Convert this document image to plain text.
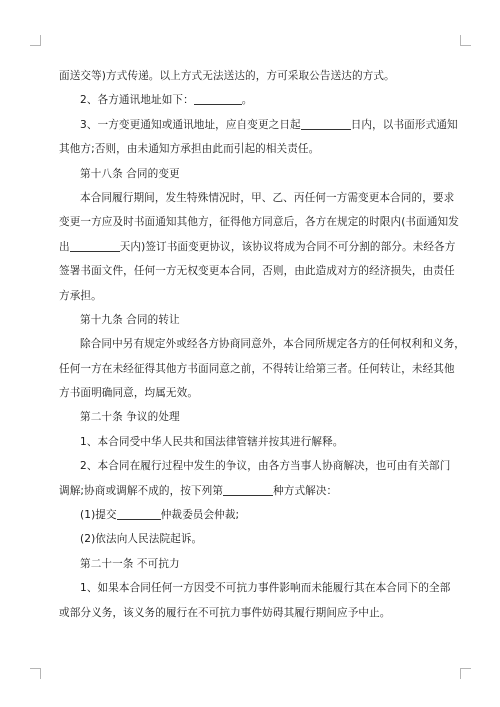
面送交等)方式传递。以上方式无法送达的，方可采取公告送达的方式。
2、各方通讯地址如下：	。
3、一方变更通知或通讯地址，应自变更之日起	日内，以书面形式通知
其他方;否则，由未通知方承担由此而引起的相关责任。
第十八条 合同的变更
本合同履行期间，发生特殊情况时，甲、乙、丙任何一方需变更本合同的，要求
变更一方应及时书面通知其他方，征得他方同意后，各方在规定的时限内(书面通知发
出	天内)签订书面变更协议，该协议将成为合同不可分割的部分。未经各方
签署书面文件，任何一方无权变更本合同，否则，由此造成对方的经济损失，由责任
方承担。
第十九条 合同的转让
除合同中另有规定外或经各方协商同意外，本合同所规定各方的任何权利和义务，
任何一方在未经征得其他方书面同意之前，不得转让给第三者。任何转让，未经其他
方书面明确同意，均属无效。
第二十条 争议的处理
1、本合同受中华人民共和国法律管辖并按其进行解释。
2、本合同在履行过程中发生的争议，由各方当事人协商解决，也可由有关部门
调解;协商或调解不成的，按下列第	种方式解决：
(1)提交	仲裁委员会仲裁;
(2)依法向人民法院起诉。
第二十一条 不可抗力
1、如果本合同任何一方因受不可抗力事件影响而未能履行其在本合同下的全部
或部分义务，该义务的履行在不可抗力事件妨碍其履行期间应予中止。
